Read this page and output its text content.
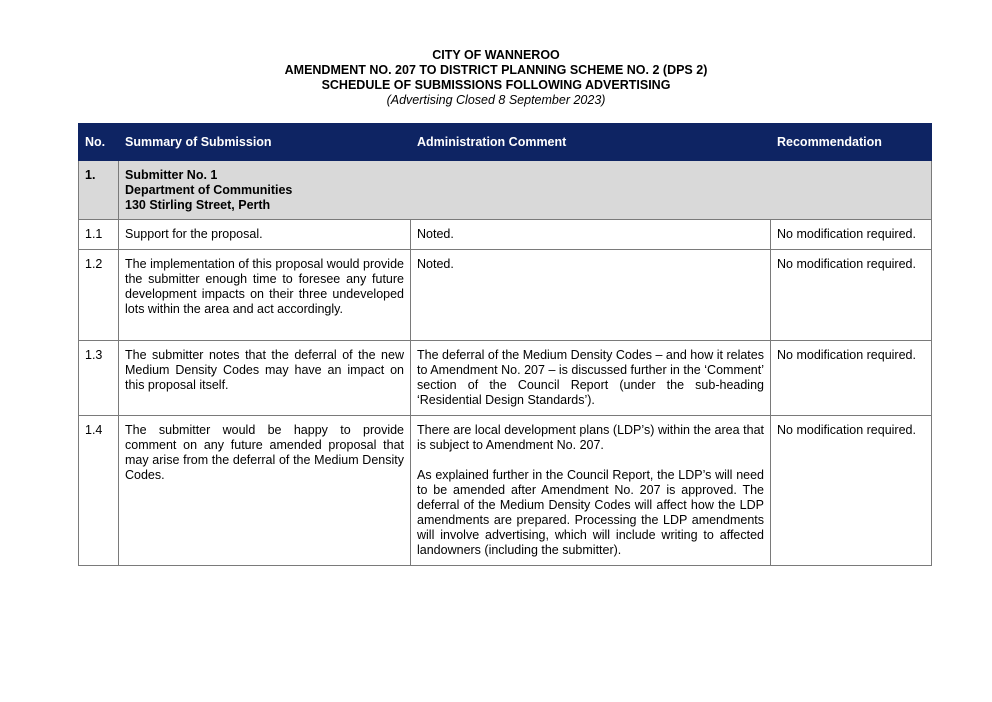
CITY OF WANNEROO
AMENDMENT NO. 207 TO DISTRICT PLANNING SCHEME NO. 2 (DPS 2)
SCHEDULE OF SUBMISSIONS FOLLOWING ADVERTISING
(Advertising Closed 8 September 2023)
No.	Summary of Submission	Administration Comment	Recommendation
1.	Submitter No. 1
Department of Communities
130 Stirling Street, Perth		

1.1	Support for the proposal.	Noted.	No modification required.
1.2	The implementation of this proposal would provide the submitter enough time to foresee any future development impacts on their three undeveloped lots within the area and act accordingly.	Noted.	No modification required.
1.3	The submitter notes that the deferral of the new Medium Density Codes may have an impact on this proposal itself.	The deferral of the Medium Density Codes – and how it relates to Amendment No. 207 – is discussed further in the ‘Comment’ section of the Council Report (under the sub-heading ‘Residential Design Standards’).	No modification required.
1.4	The submitter would be happy to provide comment on any future amended proposal that may arise from the deferral of the Medium Density Codes.	There are local development plans (LDP’s) within the area that is subject to Amendment No. 207.
As explained further in the Council Report, the LDP’s will need to be amended after Amendment No. 207 is approved. The deferral of the Medium Density Codes will affect how the LDP amendments are prepared. Processing the LDP amendments will involve advertising, which will include writing to affected landowners (including the submitter).	No modification required.
